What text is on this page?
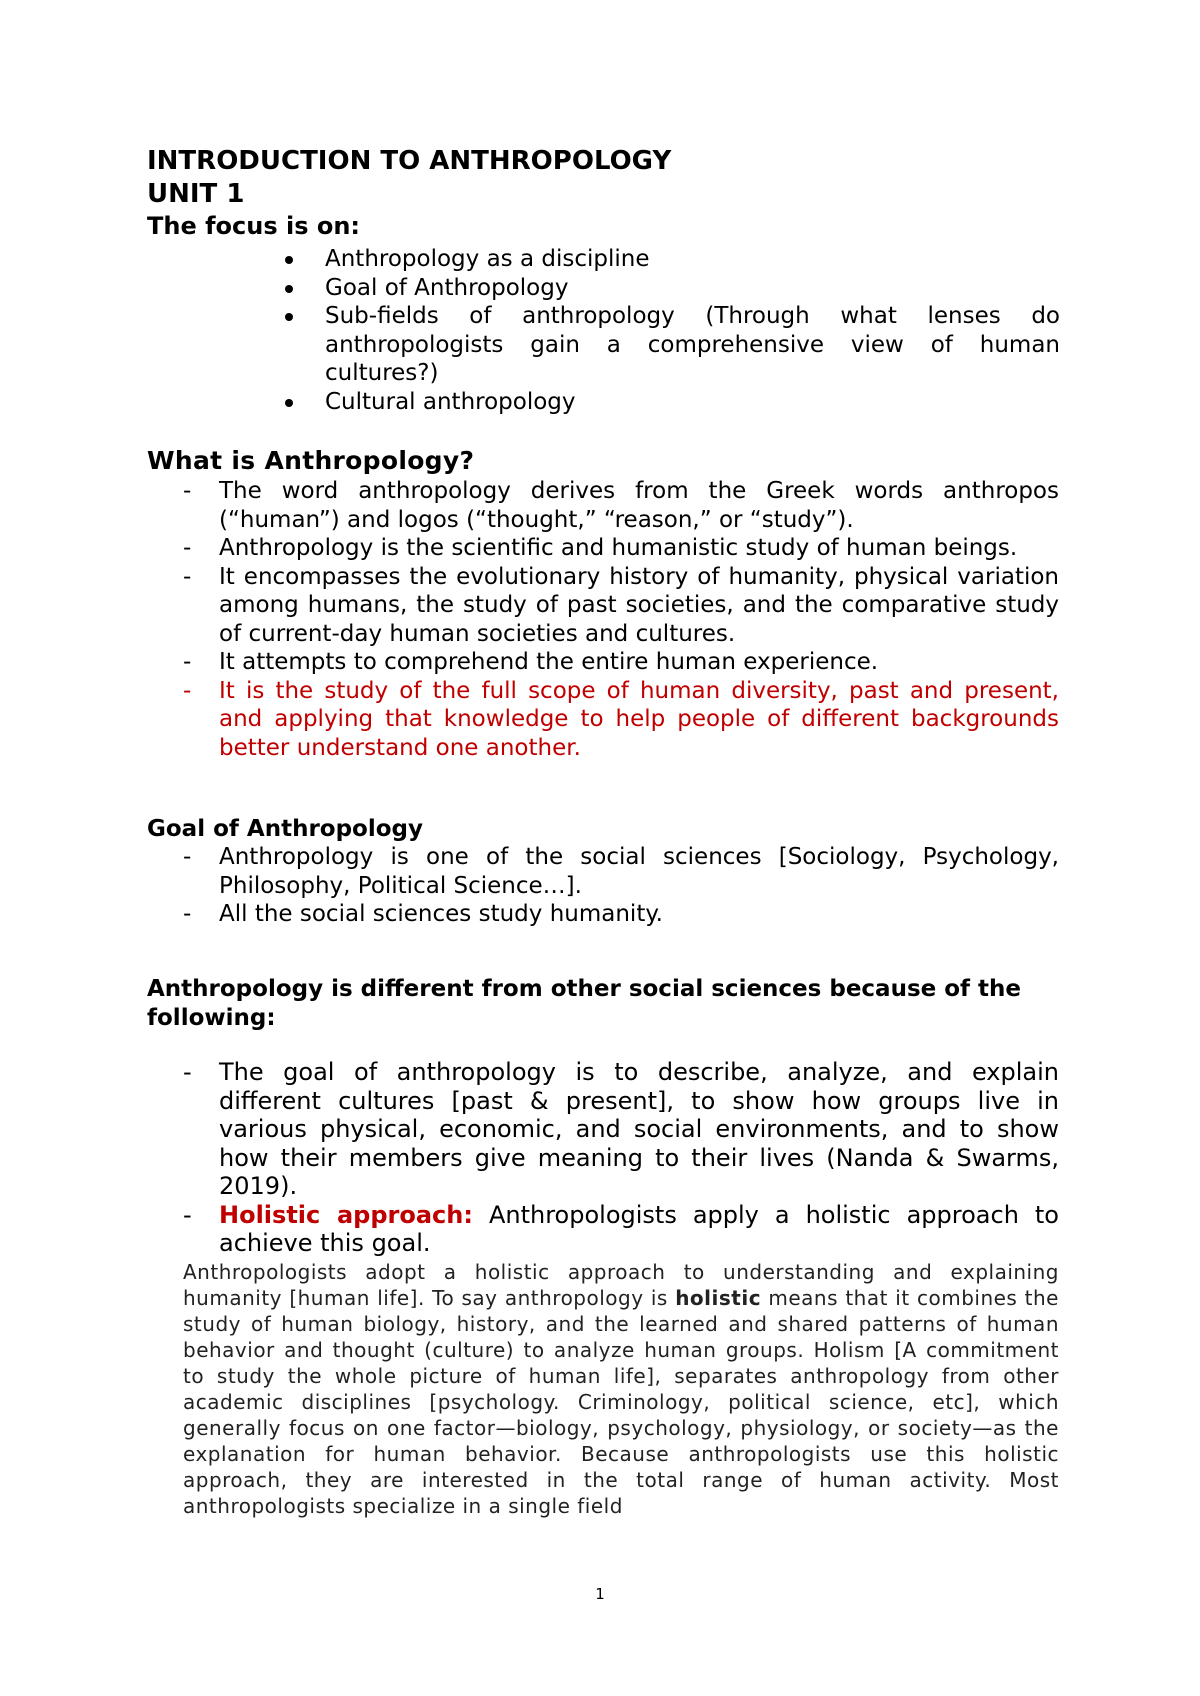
INTRODUCTION TO ANTHROPOLOGY

UNIT 1

The focus is on:

Anthropology as a discipline
Goal of Anthropology
Sub-fields of anthropology (Through what lenses do anthropologists gain a comprehensive view of human cultures?)
Cultural anthropology

What is Anthropology?

- The word anthropology derives from the Greek words anthropos (“human”) and logos (“thought,” “reason,” or “study”).
- Anthropology is the scientific and humanistic study of human beings.
- It encompasses the evolutionary history of humanity, physical variation among humans, the study of past societies, and the comparative study of current-day human societies and cultures.
- It attempts to comprehend the entire human experience.
- It is the study of the full scope of human diversity, past and present, and applying that knowledge to help people of different backgrounds better understand one another.

Goal of Anthropology

- Anthropology is one of the social sciences [Sociology, Psychology, Philosophy, Political Science…].
- All the social sciences study humanity.

Anthropology is different from other social sciences because of the following:

- The goal of anthropology is to describe, analyze, and explain different cultures [past & present], to show how groups live in various physical, economic, and social environments, and to show how their members give meaning to their lives (Nanda & Swarms, 2019).
- Holistic approach: Anthropologists apply a holistic approach to achieve this goal.

Anthropologists adopt a holistic approach to understanding and explaining humanity [human life]. To say anthropology is holistic means that it combines the study of human biology, history, and the learned and shared patterns of human behavior and thought (culture) to analyze human groups. Holism [A commitment to study the whole picture of human life], separates anthropology from other academic disciplines [psychology. Criminology, political science, etc], which generally focus on one factor—biology, psychology, physiology, or society—as the explanation for human behavior. Because anthropologists use this holistic approach, they are interested in the total range of human activity. Most anthropologists specialize in a single field

1
